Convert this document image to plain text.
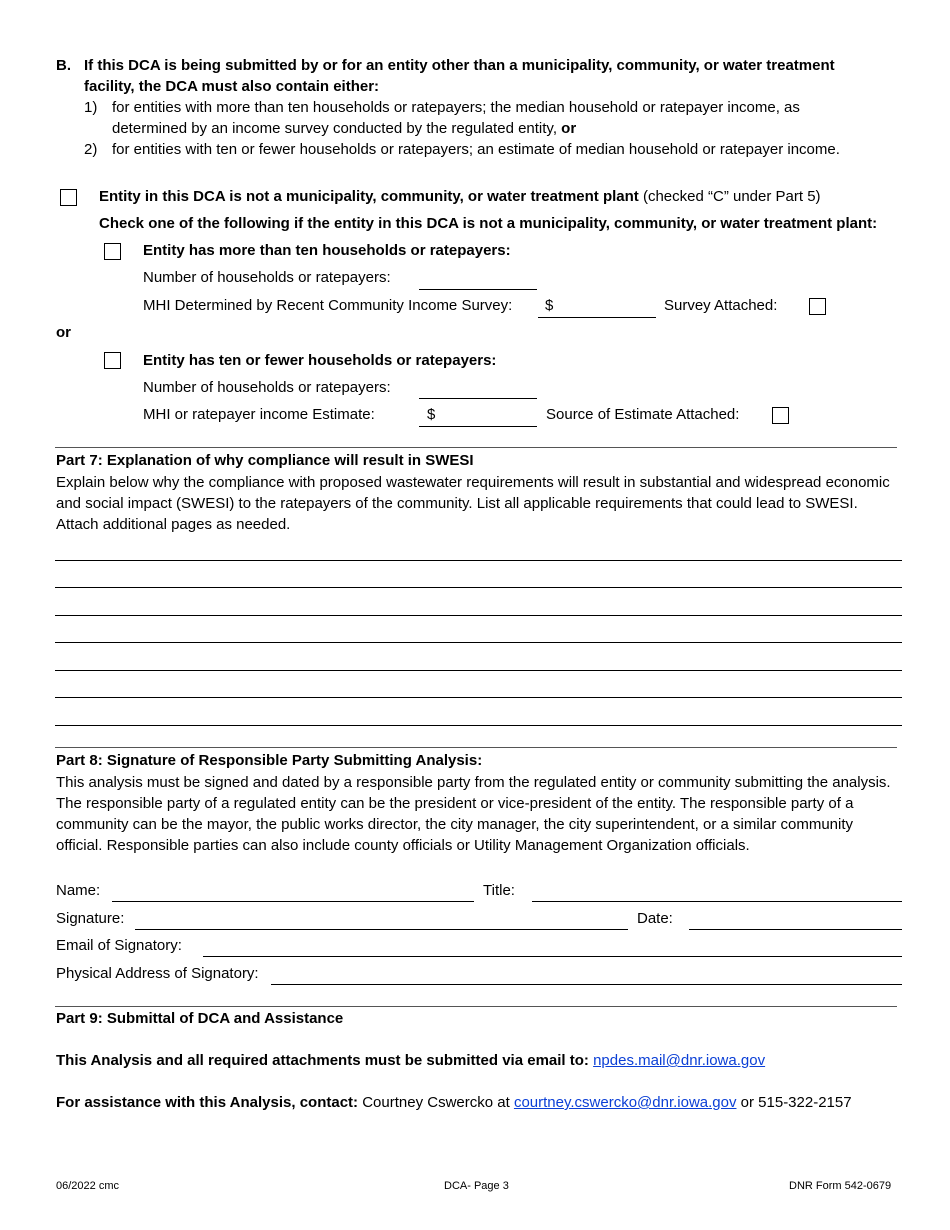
B. If this DCA is being submitted by or for an entity other than a municipality, community, or water treatment
facility, the DCA must also contain either:
1) for entities with more than ten households or ratepayers; the median household or ratepayer income, as
determined by an income survey conducted by the regulated entity, or
2) for entities with ten or fewer households or ratepayers; an estimate of median household or ratepayer income.
Entity in this DCA is not a municipality, community, or water treatment plant (checked “C” under Part 5)
Check one of the following if the entity in this DCA is not a municipality, community, or water treatment plant:
Entity has more than ten households or ratepayers:
Number of households or ratepayers:
MHI Determined by Recent Community Income Survey: $	Survey Attached:
or
Entity has ten or fewer households or ratepayers:
Number of households or ratepayers:
MHI or ratepayer income Estimate:	$	Source of Estimate Attached:
Part 7: Explanation of why compliance will result in SWESI
Explain below why the compliance with proposed wastewater requirements will result in substantial and widespread economic and social impact (SWESI) to the ratepayers of the community. List all applicable requirements that could lead to SWESI. Attach additional pages as needed.
Part 8: Signature of Responsible Party Submitting Analysis:
This analysis must be signed and dated by a responsible party from the regulated entity or community submitting the analysis. The responsible party of a regulated entity can be the president or vice-president of the entity. The responsible party of a community can be the mayor, the public works director, the city manager, the city superintendent, or a similar community official. Responsible parties can also include county officials or Utility Management Organization officials.
Name:	Title:
Signature:	Date:
Email of Signatory:
Physical Address of Signatory:
Part 9: Submittal of DCA and Assistance
This Analysis and all required attachments must be submitted via email to: npdes.mail@dnr.iowa.gov
For assistance with this Analysis, contact: Courtney Cswercko at courtney.cswercko@dnr.iowa.gov or 515-322-2157
06/2022 cmc	DCA- Page 3	DNR Form 542-0679
